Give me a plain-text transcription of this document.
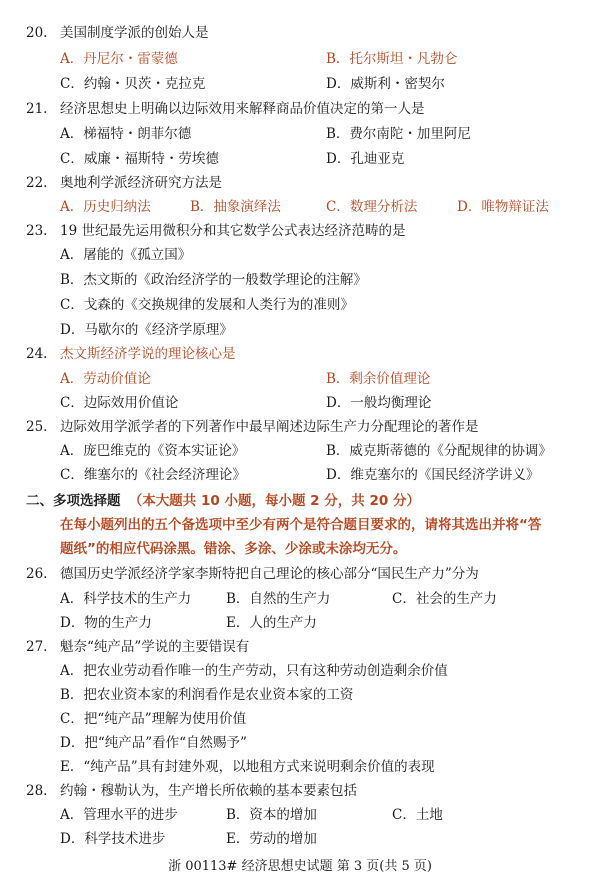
20. 美国制度学派的创始人是
A．丹尼尔・雷蒙德	B．托尔斯坦・凡勃仑
C．约翰・贝茨・克拉克	D．威斯利・密契尔
21. 经济思想史上明确以边际效用来解释商品价值决定的第一人是
A．梯福特・朗菲尔德	B．费尔南陀・加里阿尼
C．威廉・福斯特・劳埃德	D．孔迪亚克
22. 奥地利学派经济研究方法是
A．历史归纳法	B．抽象演绎法	C．数理分析法	D．唯物辩证法
23. 19 世纪最先运用微积分和其它数学公式表达经济范畴的是
A．屠能的《孤立国》
B．杰文斯的《政治经济学的一般数学理论的注解》
C．戈森的《交换规律的发展和人类行为的准则》
D．马歇尔的《经济学原理》
24. 杰文斯经济学说的理论核心是
A．劳动价值论	B．剩余价值理论
C．边际效用价值论	D．一般均衡理论
25. 边际效用学派学者的下列著作中最早阐述边际生产力分配理论的著作是
A．庞巴维克的《资本实证论》	B．威克斯蒂德的《分配规律的协调》
C．维塞尔的《社会经济理论》	D．维克塞尔的《国民经济学讲义》
二、多项选择题 （本大题共 10 小题，每小题 2 分，共 20 分）
在每小题列出的五个备选项中至少有两个是符合题目要求的，请将其选出并将“答
题纸”的相应代码涂黑。错涂、多涂、少涂或未涂均无分。
26. 德国历史学派经济学家李斯特把自己理论的核心部分“国民生产力”分为
A．科学技术的生产力	B．自然的生产力	C．社会的生产力
D．物的生产力	E．人的生产力
27. 魁奈“纯产品”学说的主要错误有
A．把农业劳动看作唯一的生产劳动，只有这种劳动创造剩余价值
B．把农业资本家的利润看作是农业资本家的工资
C．把“纯产品”理解为使用价值
D．把“纯产品”看作“自然赐予”
E．“纯产品”具有封建外观，以地租方式来说明剩余价值的表现
28. 约翰・穆勒认为，生产增长所依赖的基本要素包括
A．管理水平的进步	B．资本的增加	C．土地
D．科学技术进步	E．劳动的增加
浙 00113# 经济思想史试题 第 3 页(共 5 页)
